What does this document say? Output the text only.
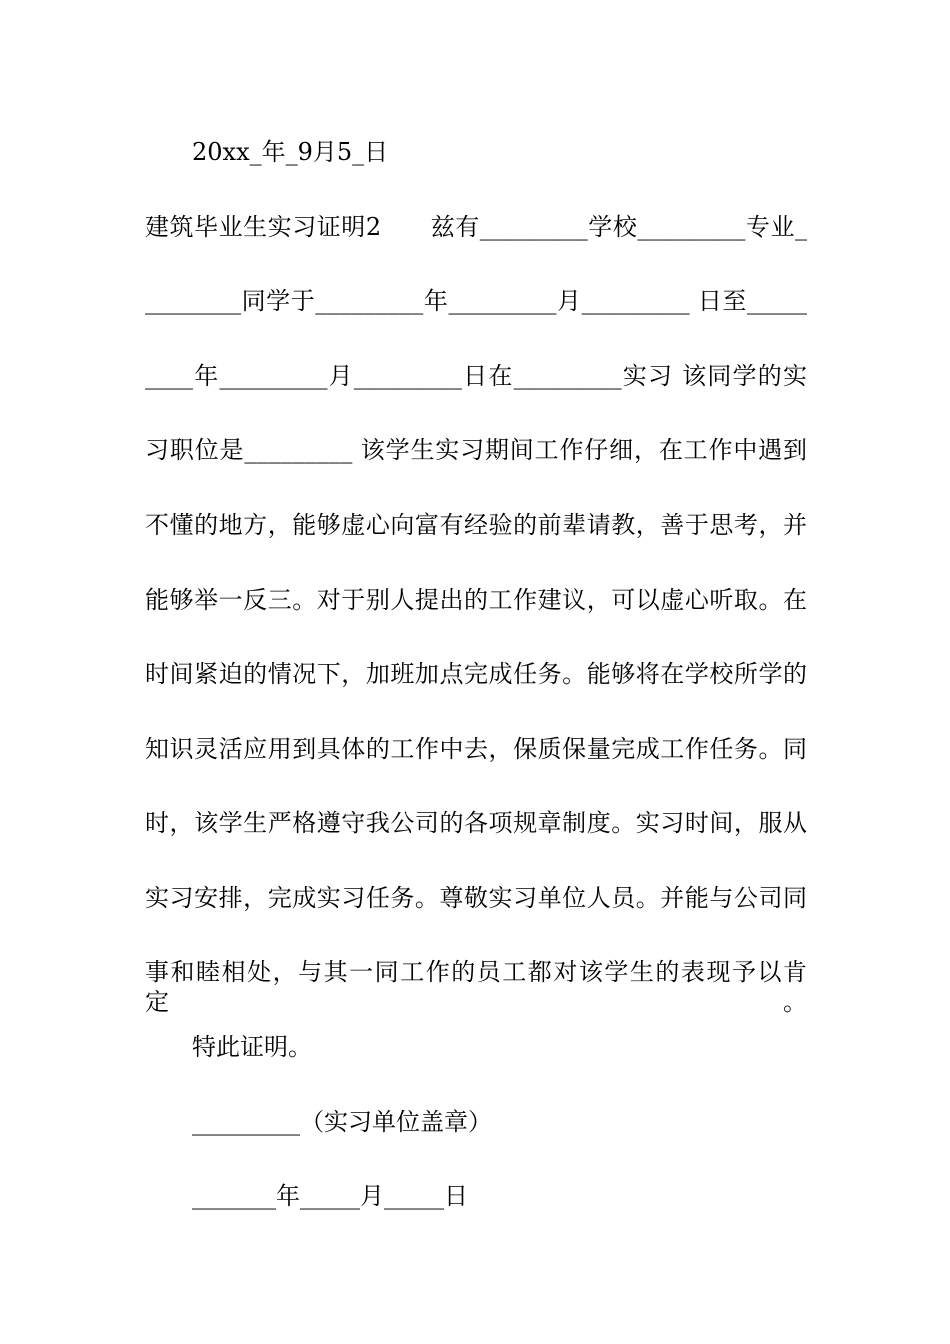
20xx_年_9月5_日
建筑毕业生实习证明2　　兹有_________学校_________专业_
________同学于_________年_________月_________ 日至_____
____年_________月_________日在_________实习 该同学的实
习职位是_________ 该学生实习期间工作仔细，在工作中遇到
不懂的地方，能够虚心向富有经验的前辈请教，善于思考，并
能够举一反三。对于别人提出的工作建议，可以虚心听取。在
时间紧迫的情况下，加班加点完成任务。能够将在学校所学的
知识灵活应用到具体的工作中去，保质保量完成工作任务。同
时，该学生严格遵守我公司的各项规章制度。实习时间，服从
实习安排，完成实习任务。尊敬实习单位人员。并能与公司同
事和睦相处，与其一同工作的员工都对该学生的表现予以肯定。
特此证明。
_________（实习单位盖章）
_______年_____月_____日
